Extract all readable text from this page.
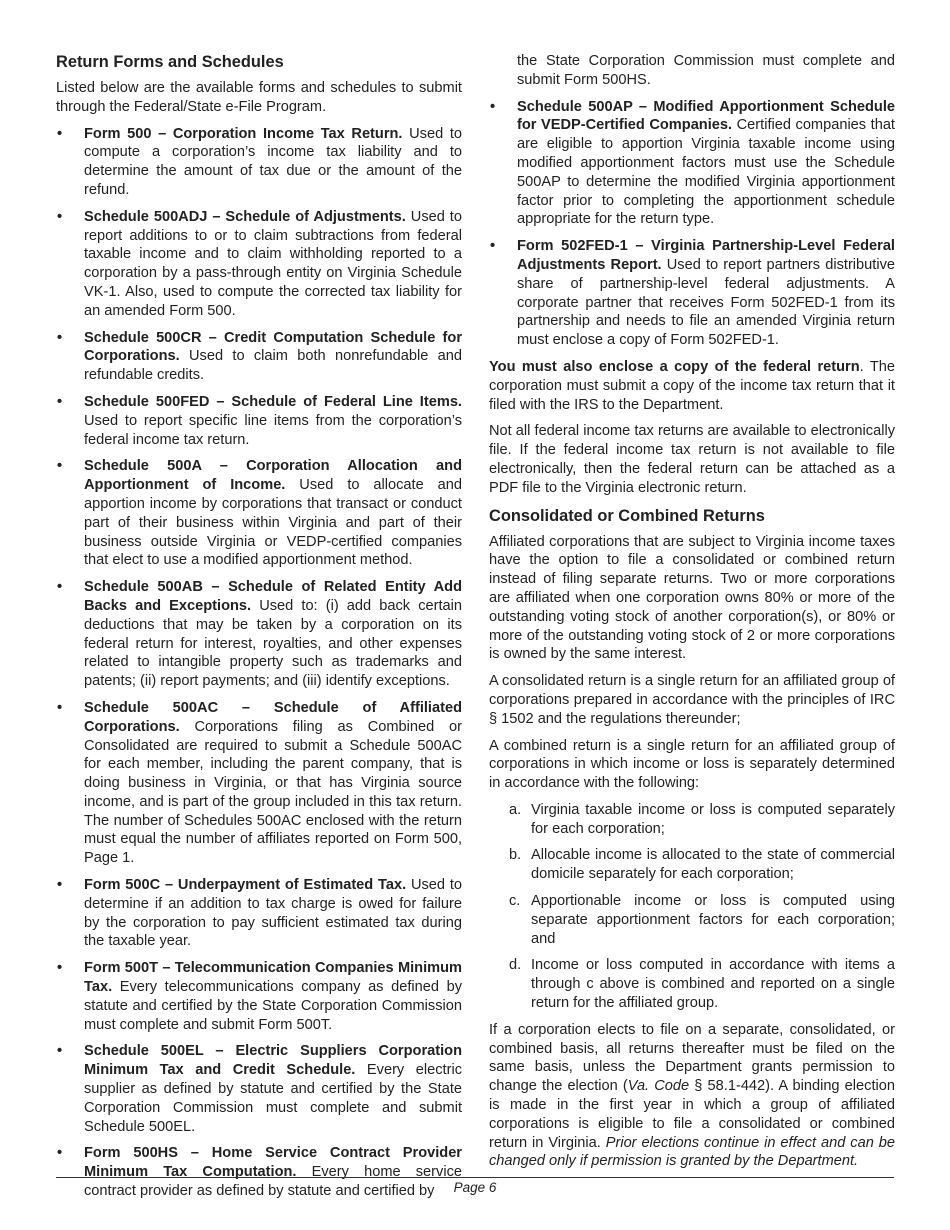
Return Forms and Schedules

Listed below are the available forms and schedules to submit through the Federal/State e-File Program.

• Form 500 – Corporation Income Tax Return. Used to compute a corporation’s income tax liability and to determine the amount of tax due or the amount of the refund.
• Schedule 500ADJ – Schedule of Adjustments. Used to report additions to or to claim subtractions from federal taxable income and to claim withholding reported to a corporation by a pass-through entity on Virginia Schedule VK-1. Also, used to compute the corrected tax liability for an amended Form 500.
• Schedule 500CR – Credit Computation Schedule for Corporations. Used to claim both nonrefundable and refundable credits.
• Schedule 500FED – Schedule of Federal Line Items. Used to report specific line items from the corporation’s federal income tax return.
• Schedule 500A – Corporation Allocation and Apportionment of Income. Used to allocate and apportion income by corporations that transact or conduct part of their business within Virginia and part of their business outside Virginia or VEDP-certified companies that elect to use a modified apportionment method.
• Schedule 500AB – Schedule of Related Entity Add Backs and Exceptions. Used to: (i) add back certain deductions that may be taken by a corporation on its federal return for interest, royalties, and other expenses related to intangible property such as trademarks and patents; (ii) report payments; and (iii) identify exceptions.
• Schedule 500AC – Schedule of Affiliated Corporations. Corporations filing as Combined or Consolidated are required to submit a Schedule 500AC for each member, including the parent company, that is doing business in Virginia, or that has Virginia source income, and is part of the group included in this tax return. The number of Schedules 500AC enclosed with the return must equal the number of affiliates reported on Form 500, Page 1.
• Form 500C – Underpayment of Estimated Tax. Used to determine if an addition to tax charge is owed for failure by the corporation to pay sufficient estimated tax during the taxable year.
• Form 500T – Telecommunication Companies Minimum Tax. Every telecommunications company as defined by statute and certified by the State Corporation Commission must complete and submit Form 500T.
• Schedule 500EL – Electric Suppliers Corporation Minimum Tax and Credit Schedule. Every electric supplier as defined by statute and certified by the State Corporation Commission must complete and submit Schedule 500EL.
• Form 500HS – Home Service Contract Provider Minimum Tax Computation. Every home service contract provider as defined by statute and certified by
the State Corporation Commission must complete and submit Form 500HS.
• Schedule 500AP – Modified Apportionment Schedule for VEDP-Certified Companies. Certified companies that are eligible to apportion Virginia taxable income using modified apportionment factors must use the Schedule 500AP to determine the modified Virginia apportionment factor prior to completing the apportionment schedule appropriate for the return type.
• Form 502FED-1 – Virginia Partnership-Level Federal Adjustments Report. Used to report partners distributive share of partnership-level federal adjustments. A corporate partner that receives Form 502FED-1 from its partnership and needs to file an amended Virginia return must enclose a copy of Form 502FED-1.

You must also enclose a copy of the federal return. The corporation must submit a copy of the income tax return that it filed with the IRS to the Department.

Not all federal income tax returns are available to electronically file. If the federal income tax return is not available to file electronically, then the federal return can be attached as a PDF file to the Virginia electronic return.

Consolidated or Combined Returns

Affiliated corporations that are subject to Virginia income taxes have the option to file a consolidated or combined return instead of filing separate returns. Two or more corporations are affiliated when one corporation owns 80% or more of the outstanding voting stock of another corporation(s), or 80% or more of the outstanding voting stock of 2 or more corporations is owned by the same interest.

A consolidated return is a single return for an affiliated group of corporations prepared in accordance with the principles of IRC § 1502 and the regulations thereunder;

A combined return is a single return for an affiliated group of corporations in which income or loss is separately determined in accordance with the following:

a. Virginia taxable income or loss is computed separately for each corporation;
b. Allocable income is allocated to the state of commercial domicile separately for each corporation;
c. Apportionable income or loss is computed using separate apportionment factors for each corporation; and
d. Income or loss computed in accordance with items a through c above is combined and reported on a single return for the affiliated group.

If a corporation elects to file on a separate, consolidated, or combined basis, all returns thereafter must be filed on the same basis, unless the Department grants permission to change the election (Va. Code § 58.1-442). A binding election is made in the first year in which a group of affiliated corporations is eligible to file a consolidated or combined return in Virginia. Prior elections continue in effect and can be changed only if permission is granted by the Department.

Page 6
